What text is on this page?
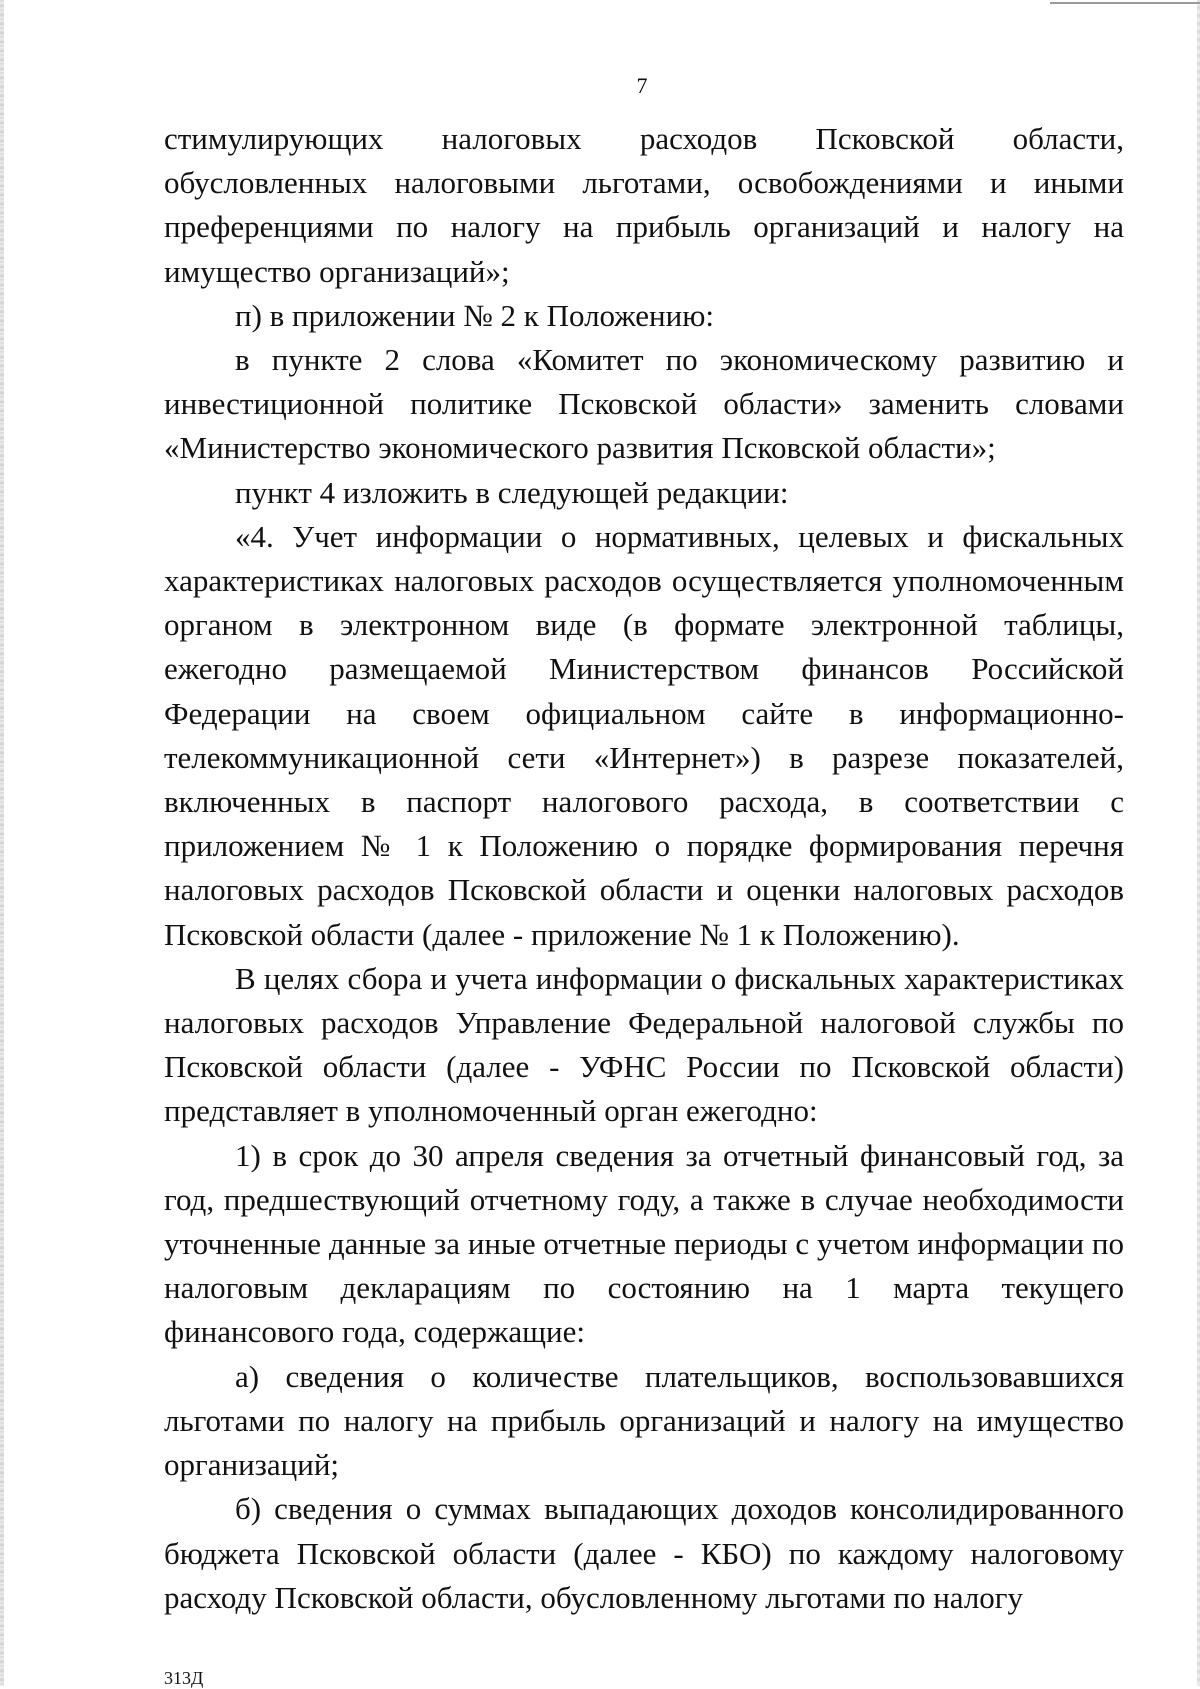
7

стимулирующих налоговых расходов Псковской области, обусловленных налоговыми льготами, освобождениями и иными преференциями по налогу на прибыль организаций и налогу на имущество организаций»;

п) в приложении № 2 к Положению:

в пункте 2 слова «Комитет по экономическому развитию и инвестиционной политике Псковской области» заменить словами «Министерство экономического развития Псковской области»;

пункт 4 изложить в следующей редакции:

«4. Учет информации о нормативных, целевых и фискальных характеристиках налоговых расходов осуществляется уполномоченным органом в электронном виде (в формате электронной таблицы, ежегодно размещаемой Министерством финансов Российской Федерации на своем официальном сайте в информационно-телекоммуникационной сети «Интернет») в разрезе показателей, включенных в паспорт налогового расхода, в соответствии с приложением № 1 к Положению о порядке формирования перечня налоговых расходов Псковской области и оценки налоговых расходов Псковской области (далее - приложение № 1 к Положению).

В целях сбора и учета информации о фискальных характеристиках налоговых расходов Управление Федеральной налоговой службы по Псковской области (далее - УФНС России по Псковской области) представляет в уполномоченный орган ежегодно:

1) в срок до 30 апреля сведения за отчетный финансовый год, за год, предшествующий отчетному году, а также в случае необходимости уточненные данные за иные отчетные периоды с учетом информации по налоговым декларациям по состоянию на 1 марта текущего финансового года, содержащие:

а) сведения о количестве плательщиков, воспользовавшихся льготами по налогу на прибыль организаций и налогу на имущество организаций;

б) сведения о суммах выпадающих доходов консолидированного бюджета Псковской области (далее - КБО) по каждому налоговому расходу Псковской области, обусловленному льготами по налогу

313Д
